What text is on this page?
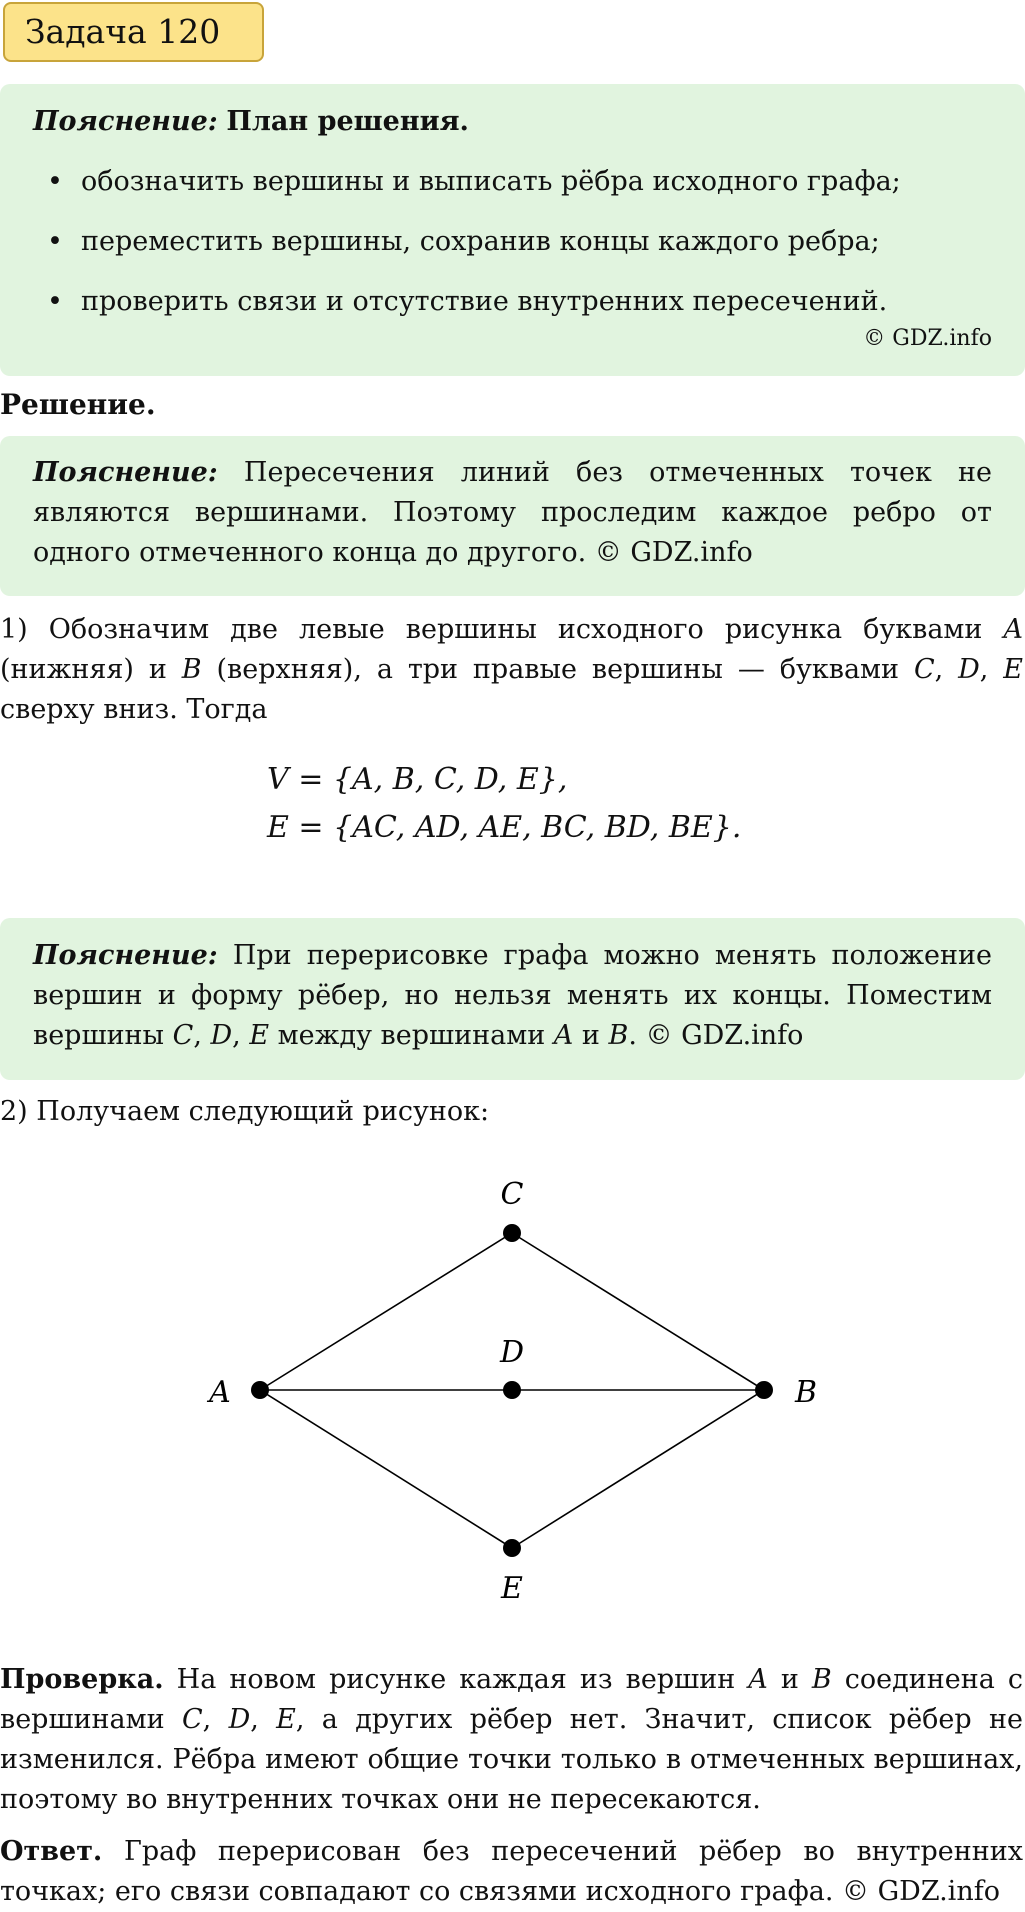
Задача 120
Пояснение: План решения.
• обозначить вершины и выписать рёбра исходного графа;
• переместить вершины, сохранив концы каждого ребра;
• проверить связи и отсутствие внутренних пересечений.
© GDZ.info
Решение.
Пояснение: Пересечения линий без отмеченных точек не являются вершинами. Поэтому проследим каждое ребро от одного отмеченного конца до другого. © GDZ.info
1) Обозначим две левые вершины исходного рисунка буквами A (нижняя) и B (верхняя), а три правые вершины — буквами C, D, E сверху вниз. Тогда
V = {A, B, C, D, E},
E = {AC, AD, AE, BC, BD, BE}.
Пояснение: При перерисовке графа можно менять положение вершин и форму рёбер, но нельзя менять их концы. Поместим вершины C, D, E между вершинами A и B. © GDZ.info
2) Получаем следующий рисунок:
A	B
C
D
E
Проверка. На новом рисунке каждая из вершин A и B соединена с вершинами C, D, E, а других рёбер нет. Значит, список рёбер не изменился. Рёбра имеют общие точки только в отмеченных вершинах, поэтому во внутренних точках они не пересекаются.
Ответ. Граф перерисован без пересечений рёбер во внутренних точках; его связи совпадают со связями исходного графа. © GDZ.info
